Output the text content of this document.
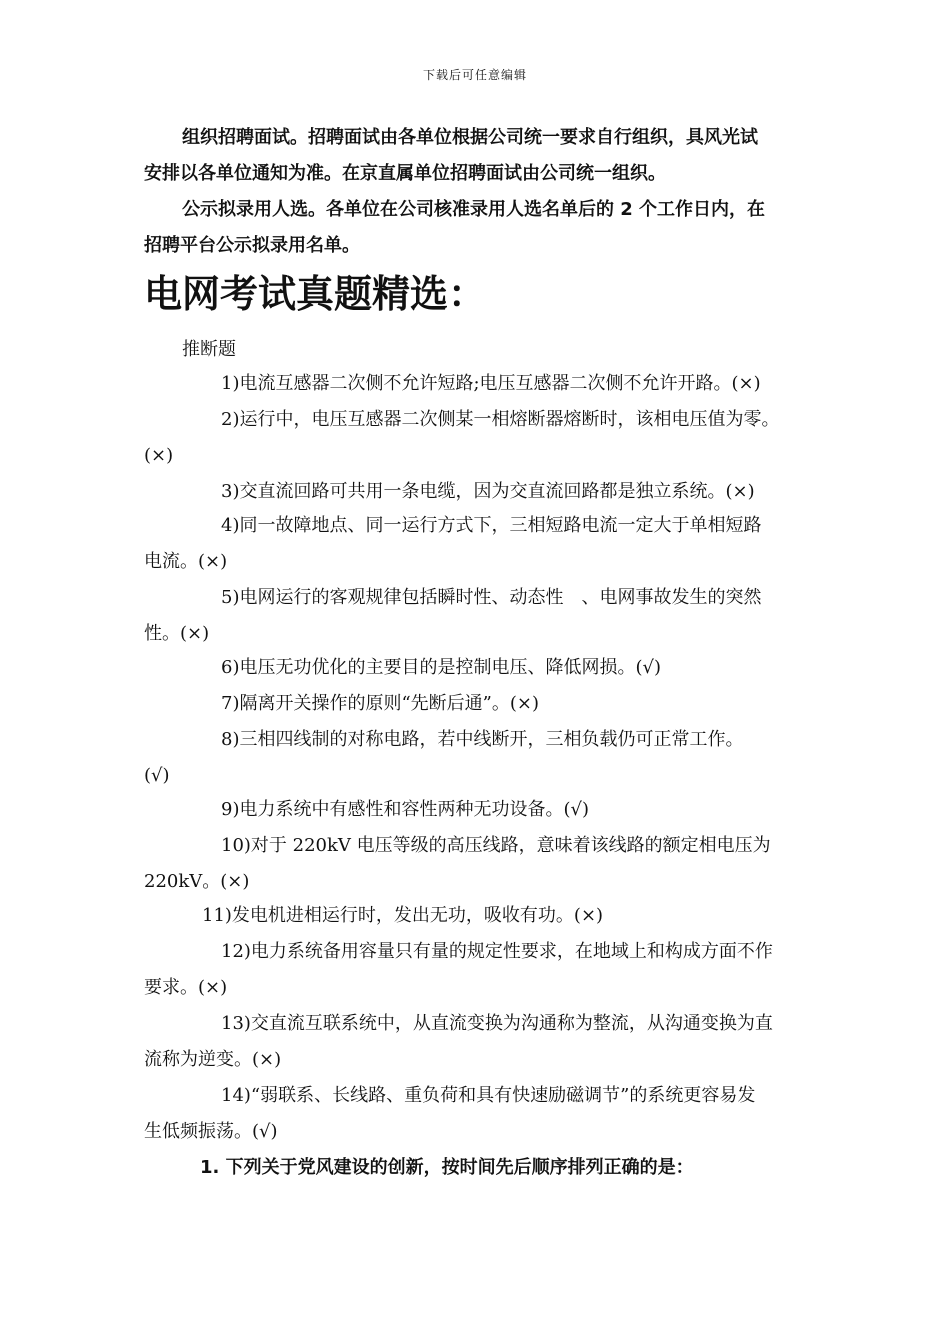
下载后可任意编辑
组织招聘面试。招聘面试由各单位根据公司统一要求自行组织，具风光试
安排以各单位通知为准。在京直属单位招聘面试由公司统一组织。
公示拟录用人选。各单位在公司核准录用人选名单后的 2 个工作日内，在
招聘平台公示拟录用名单。
电网考试真题精选：
推断题
1)电流互感器二次侧不允许短路;电压互感器二次侧不允许开路。(×)
2)运行中，电压互感器二次侧某一相熔断器熔断时，该相电压值为零。
(×)
3)交直流回路可共用一条电缆，因为交直流回路都是独立系统。(×)
4)同一故障地点、同一运行方式下，三相短路电流一定大于单相短路
电流。(×)
5)电网运行的客观规律包括瞬时性、动态性　、电网事故发生的突然
性。(×)
6)电压无功优化的主要目的是控制电压、降低网损。(√)
7)隔离开关操作的原则“先断后通”。(×)
8)三相四线制的对称电路，若中线断开，三相负载仍可正常工作。
(√)
9)电力系统中有感性和容性两种无功设备。(√)
10)对于 220kV 电压等级的高压线路，意味着该线路的额定相电压为
220kV。(×)
11)发电机进相运行时，发出无功，吸收有功。(×)
12)电力系统备用容量只有量的规定性要求，在地域上和构成方面不作
要求。(×)
13)交直流互联系统中，从直流变换为沟通称为整流，从沟通变换为直
流称为逆变。(×)
14)“弱联系、长线路、重负荷和具有快速励磁调节”的系统更容易发
生低频振荡。(√)
1. 下列关于党风建设的创新，按时间先后顺序排列正确的是：
